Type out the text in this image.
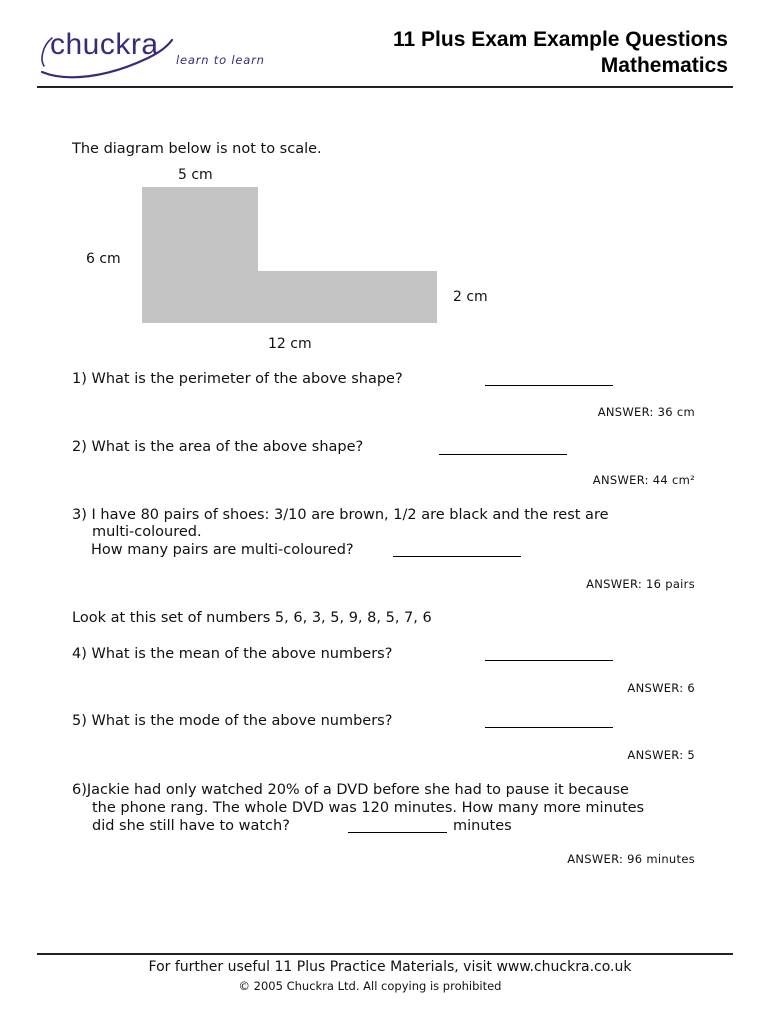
chuckra learn to learn
11 Plus Exam Example Questions
Mathematics
The diagram below is not to scale.
5 cm
6 cm
2 cm
12 cm
1) What is the perimeter of the above shape?
ANSWER: 36 cm
2) What is the area of the above shape?
ANSWER: 44 cm²
3) I have 80 pairs of shoes: 3/10 are brown, 1/2 are black and the rest are
multi-coloured.
How many pairs are multi-coloured?
ANSWER: 16 pairs
Look at this set of numbers 5, 6, 3, 5, 9, 8, 5, 7, 6
4) What is the mean of the above numbers?
ANSWER: 6
5) What is the mode of the above numbers?
ANSWER: 5
6)Jackie had only watched 20% of a DVD before she had to pause it because
the phone rang. The whole DVD was 120 minutes. How many more minutes
did she still have to watch?	minutes
ANSWER: 96 minutes
For further useful 11 Plus Practice Materials, visit www.chuckra.co.uk
© 2005 Chuckra Ltd. All copying is prohibited
